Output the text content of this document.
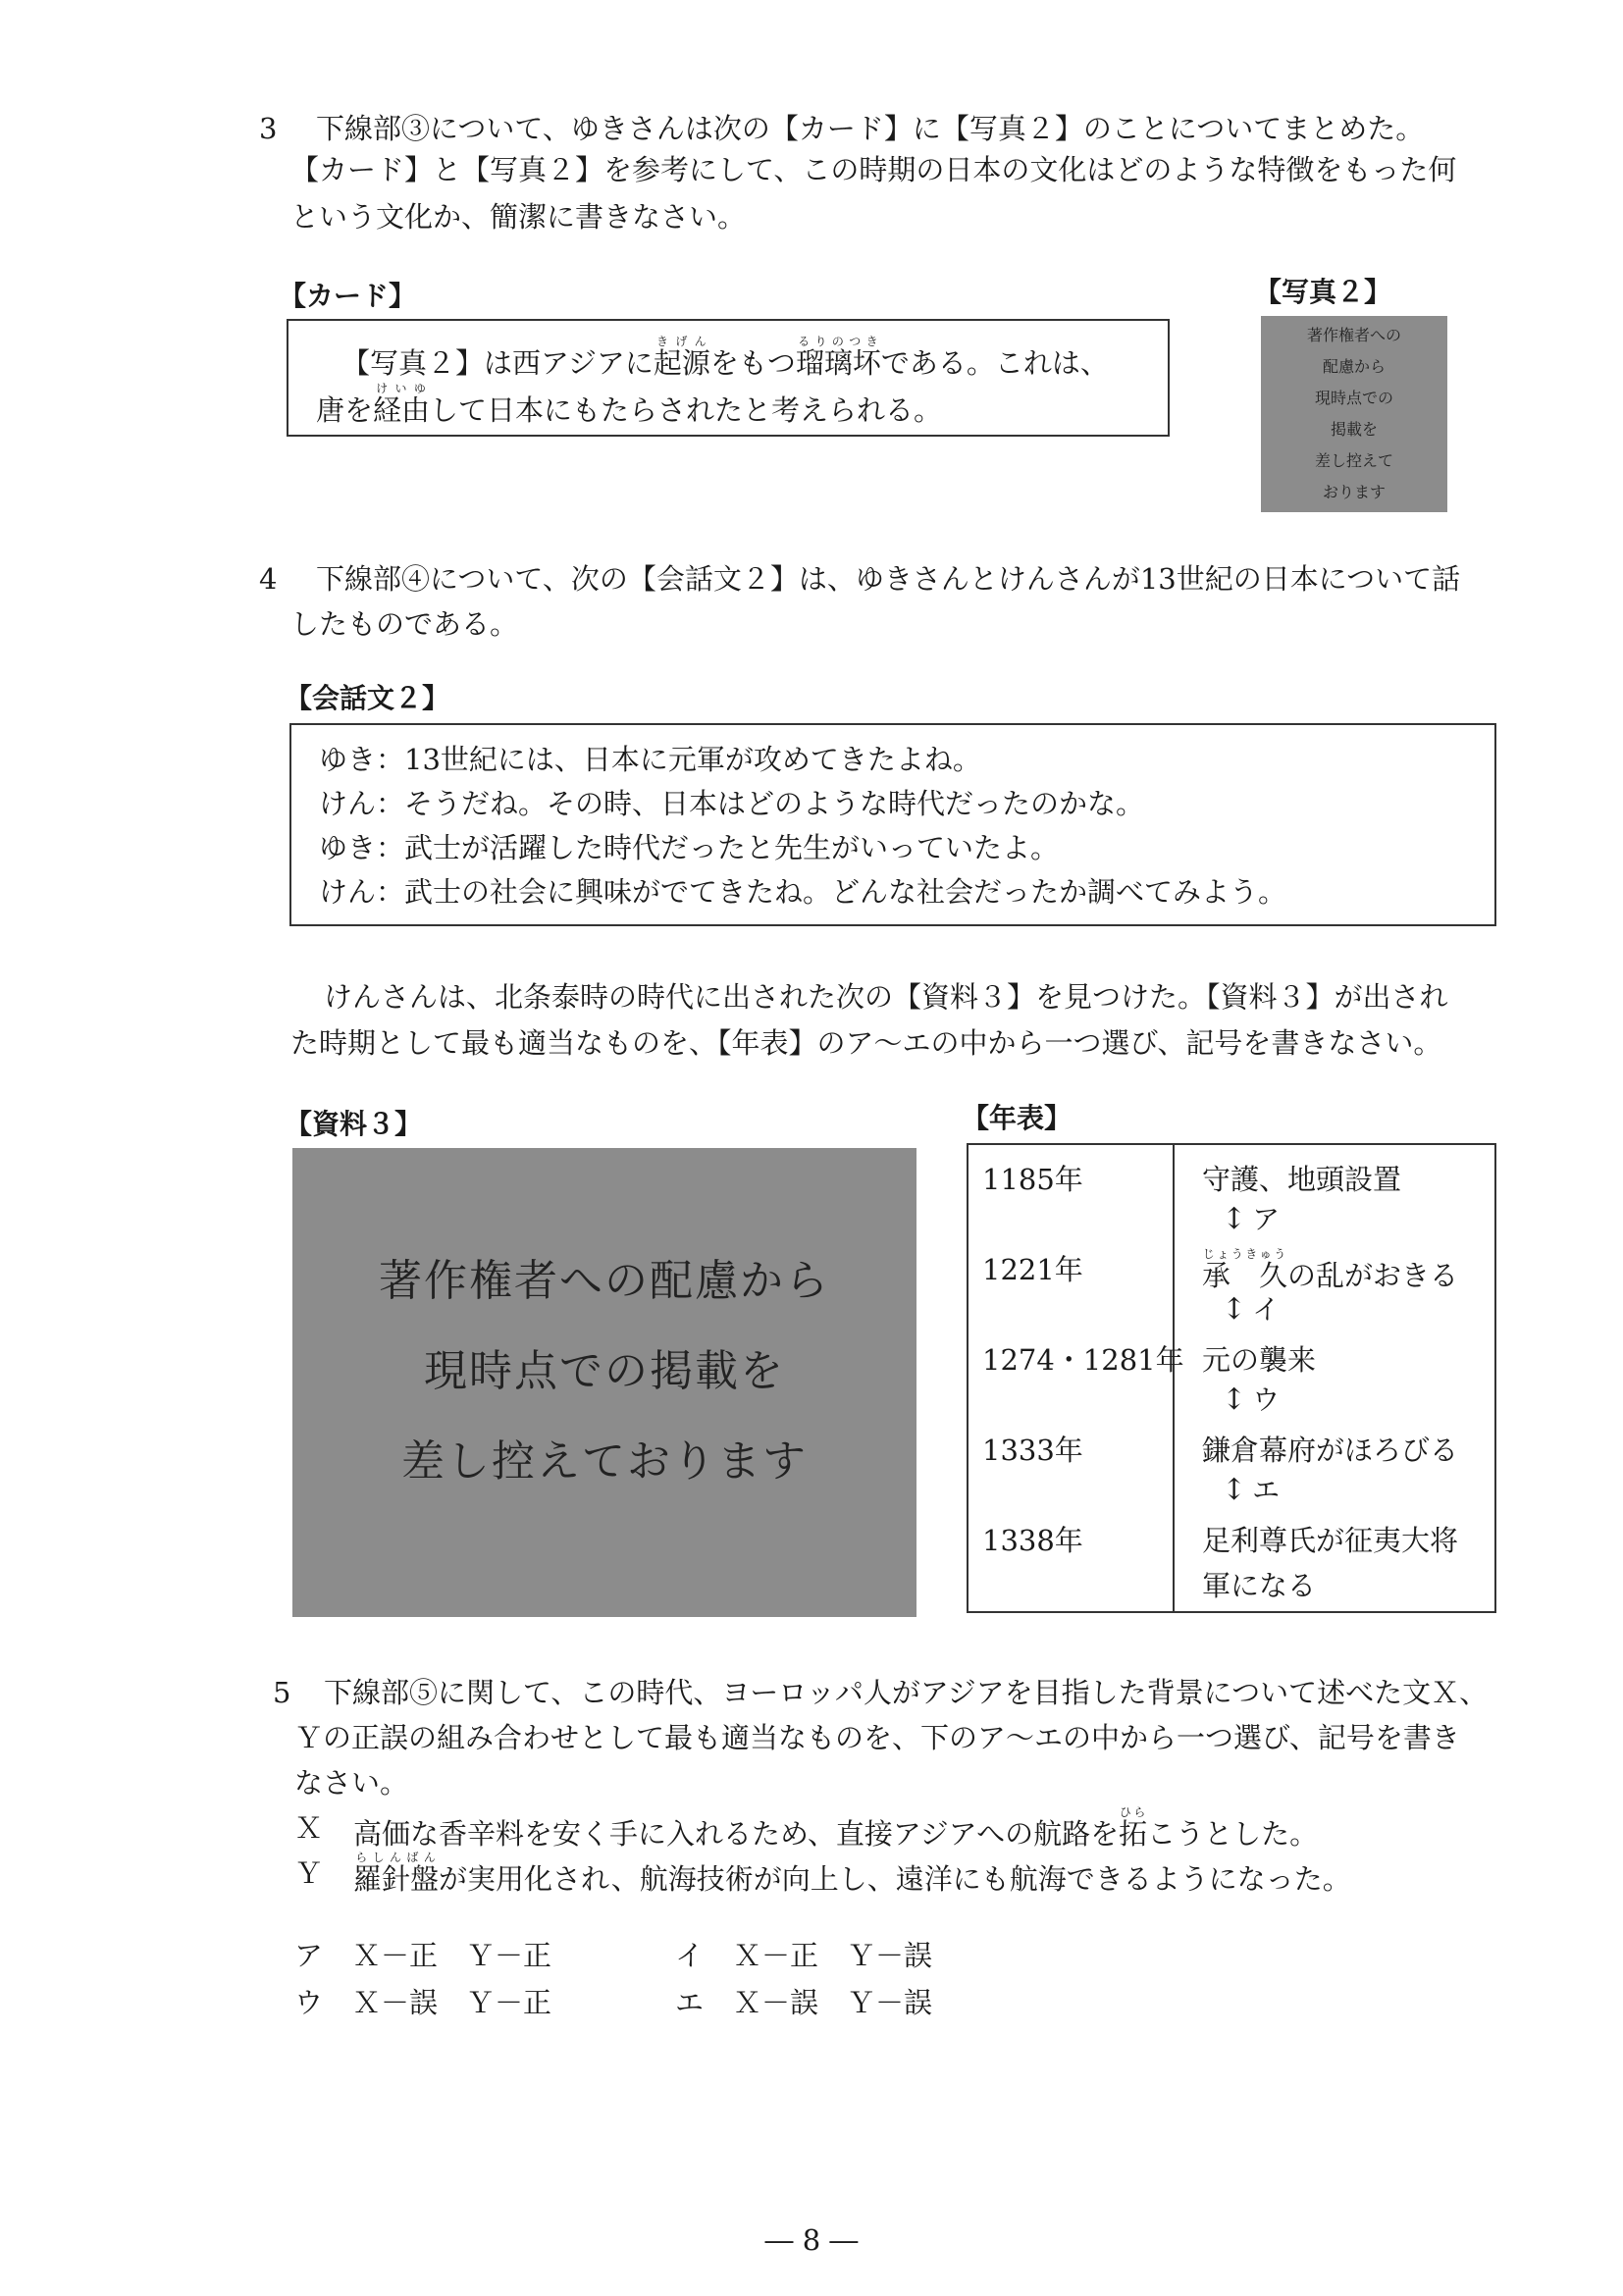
3 下線部③について、ゆきさんは次の【カード】に【写真２】のことについてまとめた。
【カード】と【写真２】を参考にして、この時期の日本の文化はどのような特徴をもった何
という文化か、簡潔に書きなさい。
【カード】
【写真２】は西アジアに起源きげんをもつ瑠璃坏るりのつきである。これは、
唐を経由けいゆして日本にもたらされたと考えられる。
【写真２】
著作権者への
配慮から
現時点での
掲載を
差し控えて
おります
4 下線部④について、次の【会話文２】は、ゆきさんとけんさんが13世紀の日本について話
したものである。
【会話文２】
ゆき：13世紀には、日本に元軍が攻めてきたよね。
けん：そうだね。その時、日本はどのような時代だったのかな。
ゆき：武士が活躍した時代だったと先生がいっていたよ。
けん：武士の社会に興味がでてきたね。どんな社会だったか調べてみよう。
けんさんは、北条泰時の時代に出された次の【資料３】を見つけた。【資料３】が出され
た時期として最も適当なものを、【年表】のア～エの中から一つ選び、記号を書きなさい。
【資料３】
著作権者への配慮から
現時点での掲載を
差し控えております
【年表】
1185年
1221年
1274・1281年
1333年
1338年
守護、地頭設置
承　久じょうきゅうの乱がおきる
元の襲来
鎌倉幕府がほろびる
足利尊氏が征夷大将
軍になる
↕ ア
↕ イ
↕ ウ
↕ エ
5 下線部⑤に関して、この時代、ヨーロッパ人がアジアを目指した背景について述べた文Ｘ、
Ｙの正誤の組み合わせとして最も適当なものを、下のア～エの中から一つ選び、記号を書き
なさい。
Ｘ 高価な香辛料を安く手に入れるため、直接アジアへの航路を拓ひらこうとした。
Ｙ 羅針盤らしんばんが実用化され、航海技術が向上し、遠洋にも航海できるようになった。
ア Ｘ－正　Ｙ－正	イ Ｘ－正　Ｙ－誤
ウ Ｘ－誤　Ｙ－正	エ Ｘ－誤　Ｙ－誤
― 8 ―
